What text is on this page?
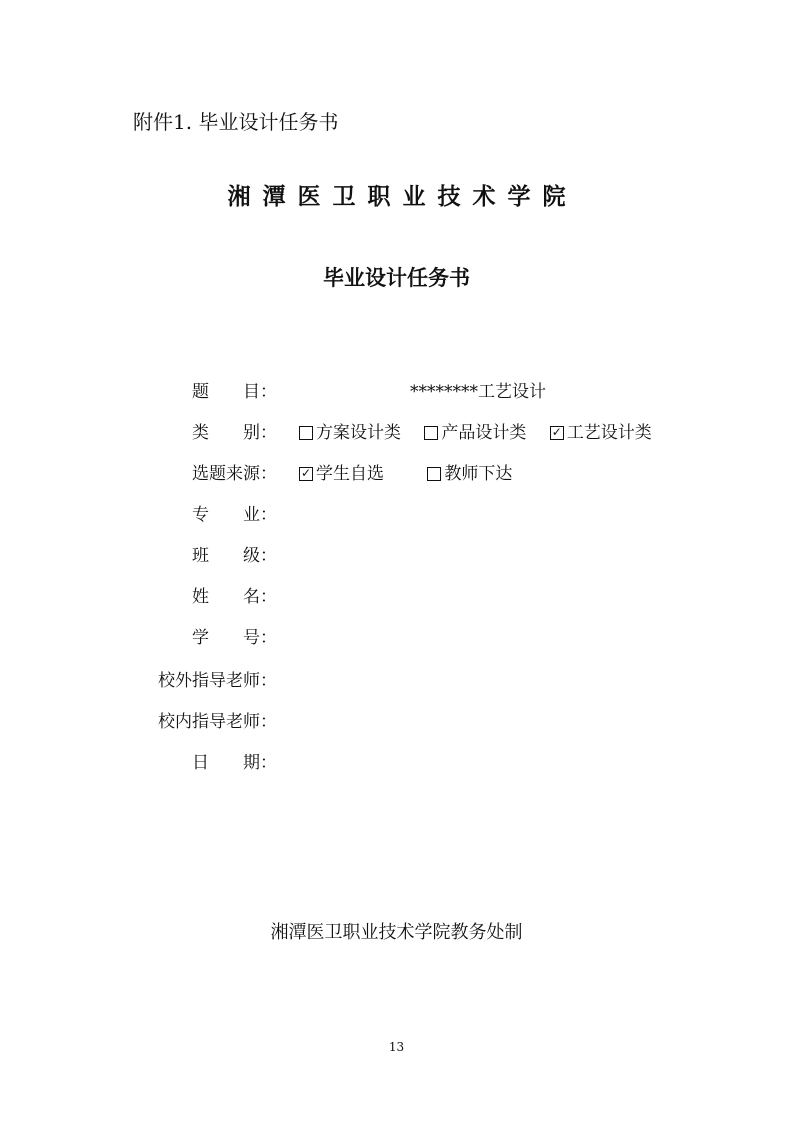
附件1. 毕业设计任务书
湘潭医卫职业技术学院
毕业设计任务书
题 目：	********工艺设计
类 别： 方案设计类
产品设计类
✓ 工艺设计类
选题来源： ✓ 学生自选
	教师下达
专 业：
班 级：
姓 名：
学 号：
校外指导老师：
校内指导老师：
日 期：
湘潭医卫职业技术学院教务处制
13
